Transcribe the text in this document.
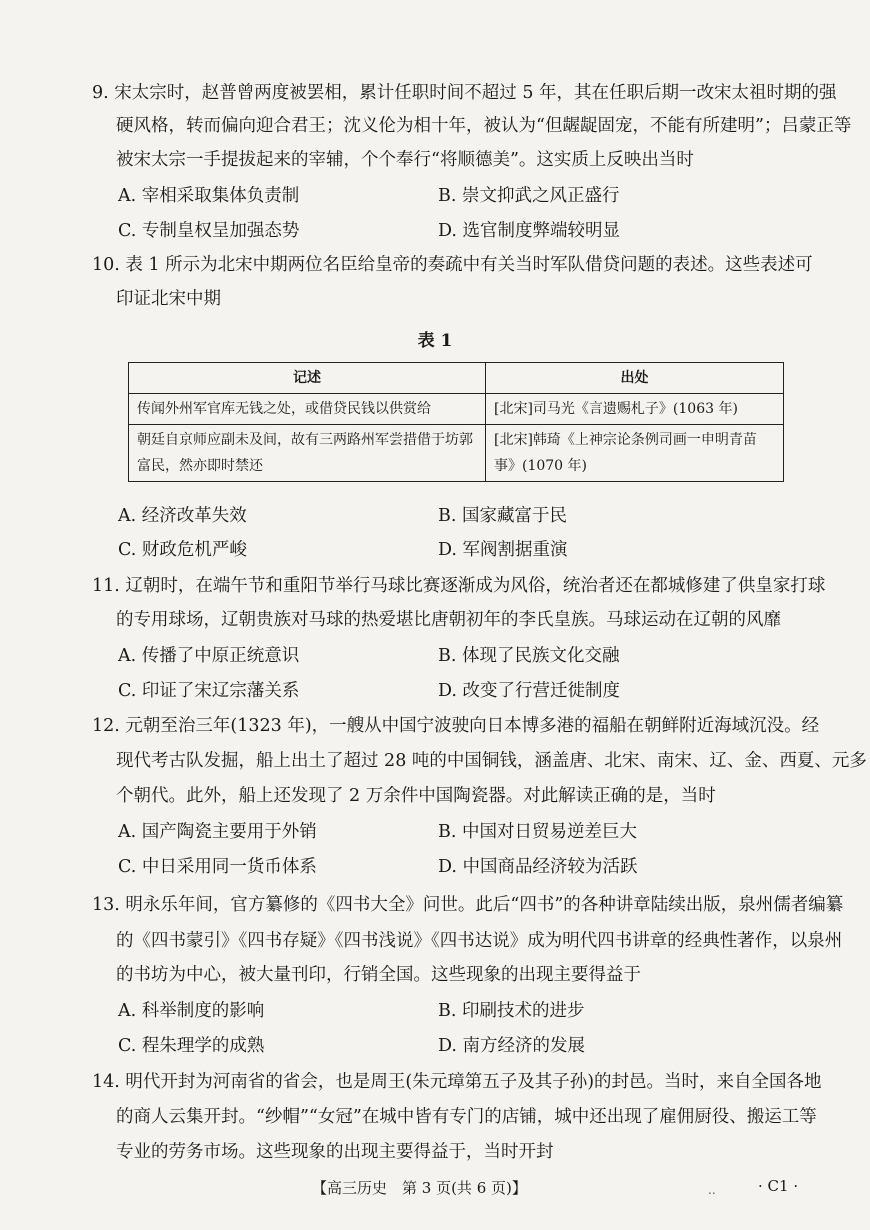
9. 宋太宗时，赵普曾两度被罢相，累计任职时间不超过 5 年，其在任职后期一改宋太祖时期的强
硬风格，转而偏向迎合君王；沈义伦为相十年，被认为“但龌龊固宠，不能有所建明”；吕蒙正等
被宋太宗一手提拔起来的宰辅，个个奉行“将顺德美”。这实质上反映出当时
A. 宰相采取集体负责制	B. 崇文抑武之风正盛行
C. 专制皇权呈加强态势	D. 选官制度弊端较明显
10. 表 1 所示为北宋中期两位名臣给皇帝的奏疏中有关当时军队借贷问题的表述。这些表述可
印证北宋中期
表 1
记述	出处
传闻外州军官库无钱之处，或借贷民钱以供赏给	[北宋]司马光《言遗赐札子》(1063 年)
朝廷自京师应副未及间，故有三两路州军尝措借于坊郭富民，然亦即时禁还	[北宋]韩琦《上神宗论条例司画一申明青苗事》(1070 年)
A. 经济改革失效	B. 国家藏富于民
C. 财政危机严峻	D. 军阀割据重演
11. 辽朝时，在端午节和重阳节举行马球比赛逐渐成为风俗，统治者还在都城修建了供皇家打球
的专用球场，辽朝贵族对马球的热爱堪比唐朝初年的李氏皇族。马球运动在辽朝的风靡
A. 传播了中原正统意识	B. 体现了民族文化交融
C. 印证了宋辽宗藩关系	D. 改变了行营迁徙制度
12. 元朝至治三年(1323 年)，一艘从中国宁波驶向日本博多港的福船在朝鲜附近海域沉没。经
现代考古队发掘，船上出土了超过 28 吨的中国铜钱，涵盖唐、北宋、南宋、辽、金、西夏、元多
个朝代。此外，船上还发现了 2 万余件中国陶瓷器。对此解读正确的是，当时
A. 国产陶瓷主要用于外销	B. 中国对日贸易逆差巨大
C. 中日采用同一货币体系	D. 中国商品经济较为活跃
13. 明永乐年间，官方纂修的《四书大全》问世。此后“四书”的各种讲章陆续出版，泉州儒者编纂
的《四书蒙引》《四书存疑》《四书浅说》《四书达说》成为明代四书讲章的经典性著作，以泉州
的书坊为中心，被大量刊印，行销全国。这些现象的出现主要得益于
A. 科举制度的影响	B. 印刷技术的进步
C. 程朱理学的成熟	D. 南方经济的发展
14. 明代开封为河南省的省会，也是周王(朱元璋第五子及其子孙)的封邑。当时，来自全国各地
的商人云集开封。“纱帽”“女冠”在城中皆有专门的店铺，城中还出现了雇佣厨役、搬运工等
专业的劳务市场。这些现象的出现主要得益于，当时开封
【高三历史　第 3 页(共 6 页)】	..	· C1 ·
